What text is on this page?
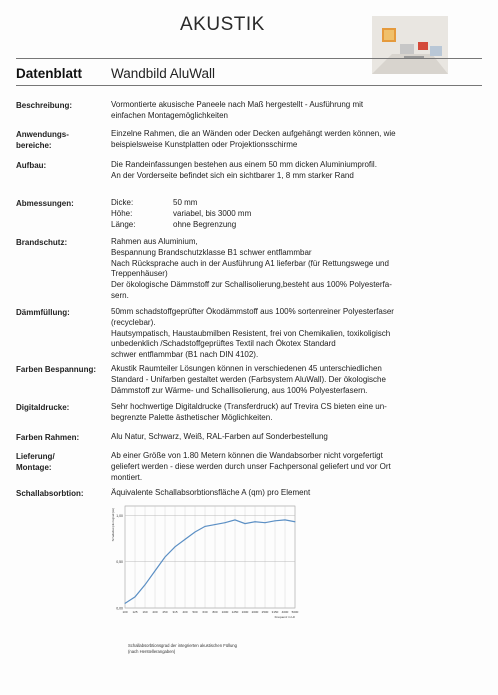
AKUSTIK
Datenblatt Wandbild AluWall
Beschreibung:	Vormontierte akusische Paneele nach Maß hergestellt - Ausführung mit
einfachen Montagemöglichkeiten
Anwendungs-
bereiche:
Einzelne Rahmen, die an Wänden oder Decken aufgehängt werden können, wie
beispielsweise Kunstplatten oder Projektionsschirme
Aufbau:	Die Randeinfassungen bestehen aus einem 50 mm dicken Aluminiumprofil.
An der Vorderseite befindet sich ein sichtbarer 1, 8 mm starker Rand
Abmessungen:	Dicke:	50 mm
Höhe:	variabel, bis 3000 mm
Länge:	ohne Begrenzung
Brandschutz:	Rahmen aus Aluminium,
Bespannung Brandschutzklasse B1 schwer entflammbar
Nach Rücksprache auch in der Ausführung A1 lieferbar (für Rettungswege und
Treppenhäuser)
Der ökologische Dämmstoff zur Schallisolierung,besteht aus 100% Polyesterfa-
sern.
Dämmfüllung:	50mm schadstoffgeprüfter Ökodämmstoff aus 100% sortenreiner Polyesterfaser
(recyclebar).
Hautsympatisch, Haustaubmilben Resistent, frei von Chemikalien, toxikoligisch
unbedenklich /Schadstoffgeprüftes Textil nach Ökotex Standard
schwer entflammbar (B1 nach DIN 4102).
Farben Bespannung: Akustik Raumteiler Lösungen können in verschiedenen 45 unterschiedlichen
Standard - Unifarben gestaltet werden (Farbsystem AluWall). Der ökologische
Dämmstoff zur Wärme- und Schallisolierung, aus 100% Polyesterfasern.
Digitaldrucke:	Sehr hochwertige Digitaldrucke (Transferdruck) auf Trevira CS bieten eine un-
begrenzte Palette ästhetischer Möglichkeiten.
Farben Rahmen:	Alu Natur, Schwarz, Weiß, RAL-Farben auf Sonderbestellung
Lieferung/
Montage:
Ab einer Größe von 1.80 Metern können die Wandabsorber nicht vorgefertigt
geliefert werden - diese werden durch unser Fachpersonal geliefert und vor Ort
montiert.
Schallabsorbtion:	Äquivalente Schallabsorbtionsfläche A (qm) pro Element
0,00
0,50
1,00
100 125 160 200 250 315 400 500 630 800 1000 1250 1600 2000 2500 3150 4000 5000
Frequenz in Hz
Schallabsorptionsgrad (αs)
Schallabsorbtionsgrad der integrierten akustischen Füllung
(nach Herstellerangaben)
